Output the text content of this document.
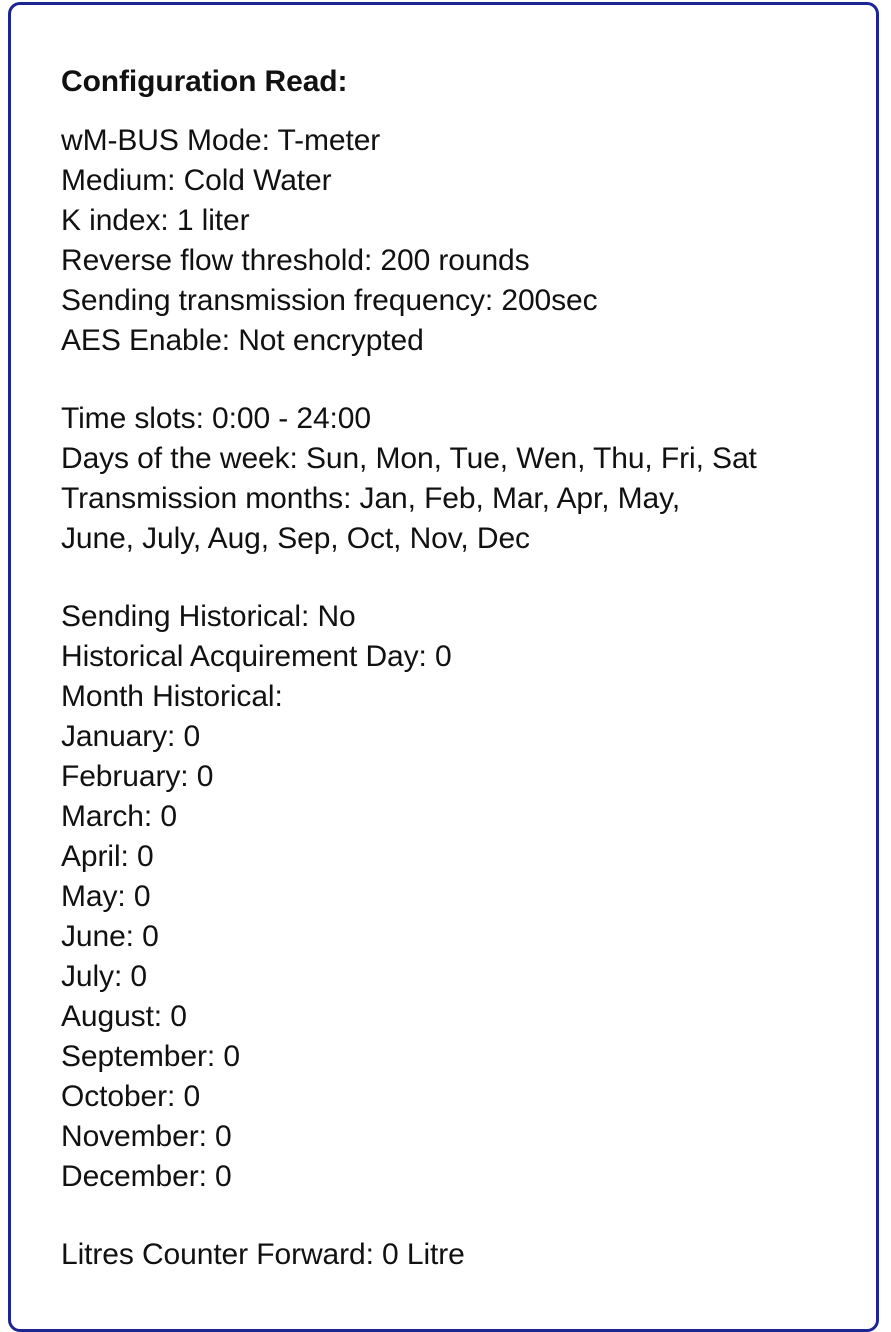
Configuration Read:
wM-BUS Mode: T-meter
Medium: Cold Water
K index: 1 liter
Reverse flow threshold: 200 rounds
Sending transmission frequency: 200sec
AES Enable: Not encrypted
Time slots: 0:00 - 24:00
Days of the week: Sun, Mon, Tue, Wen, Thu, Fri, Sat
Transmission months: Jan, Feb, Mar, Apr, May,
June, July, Aug, Sep, Oct, Nov, Dec
Sending Historical: No
Historical Acquirement Day: 0
Month Historical:
January: 0
February: 0
March: 0
April: 0
May: 0
June: 0
July: 0
August: 0
September: 0
October: 0
November: 0
December: 0
Litres Counter Forward: 0 Litre
